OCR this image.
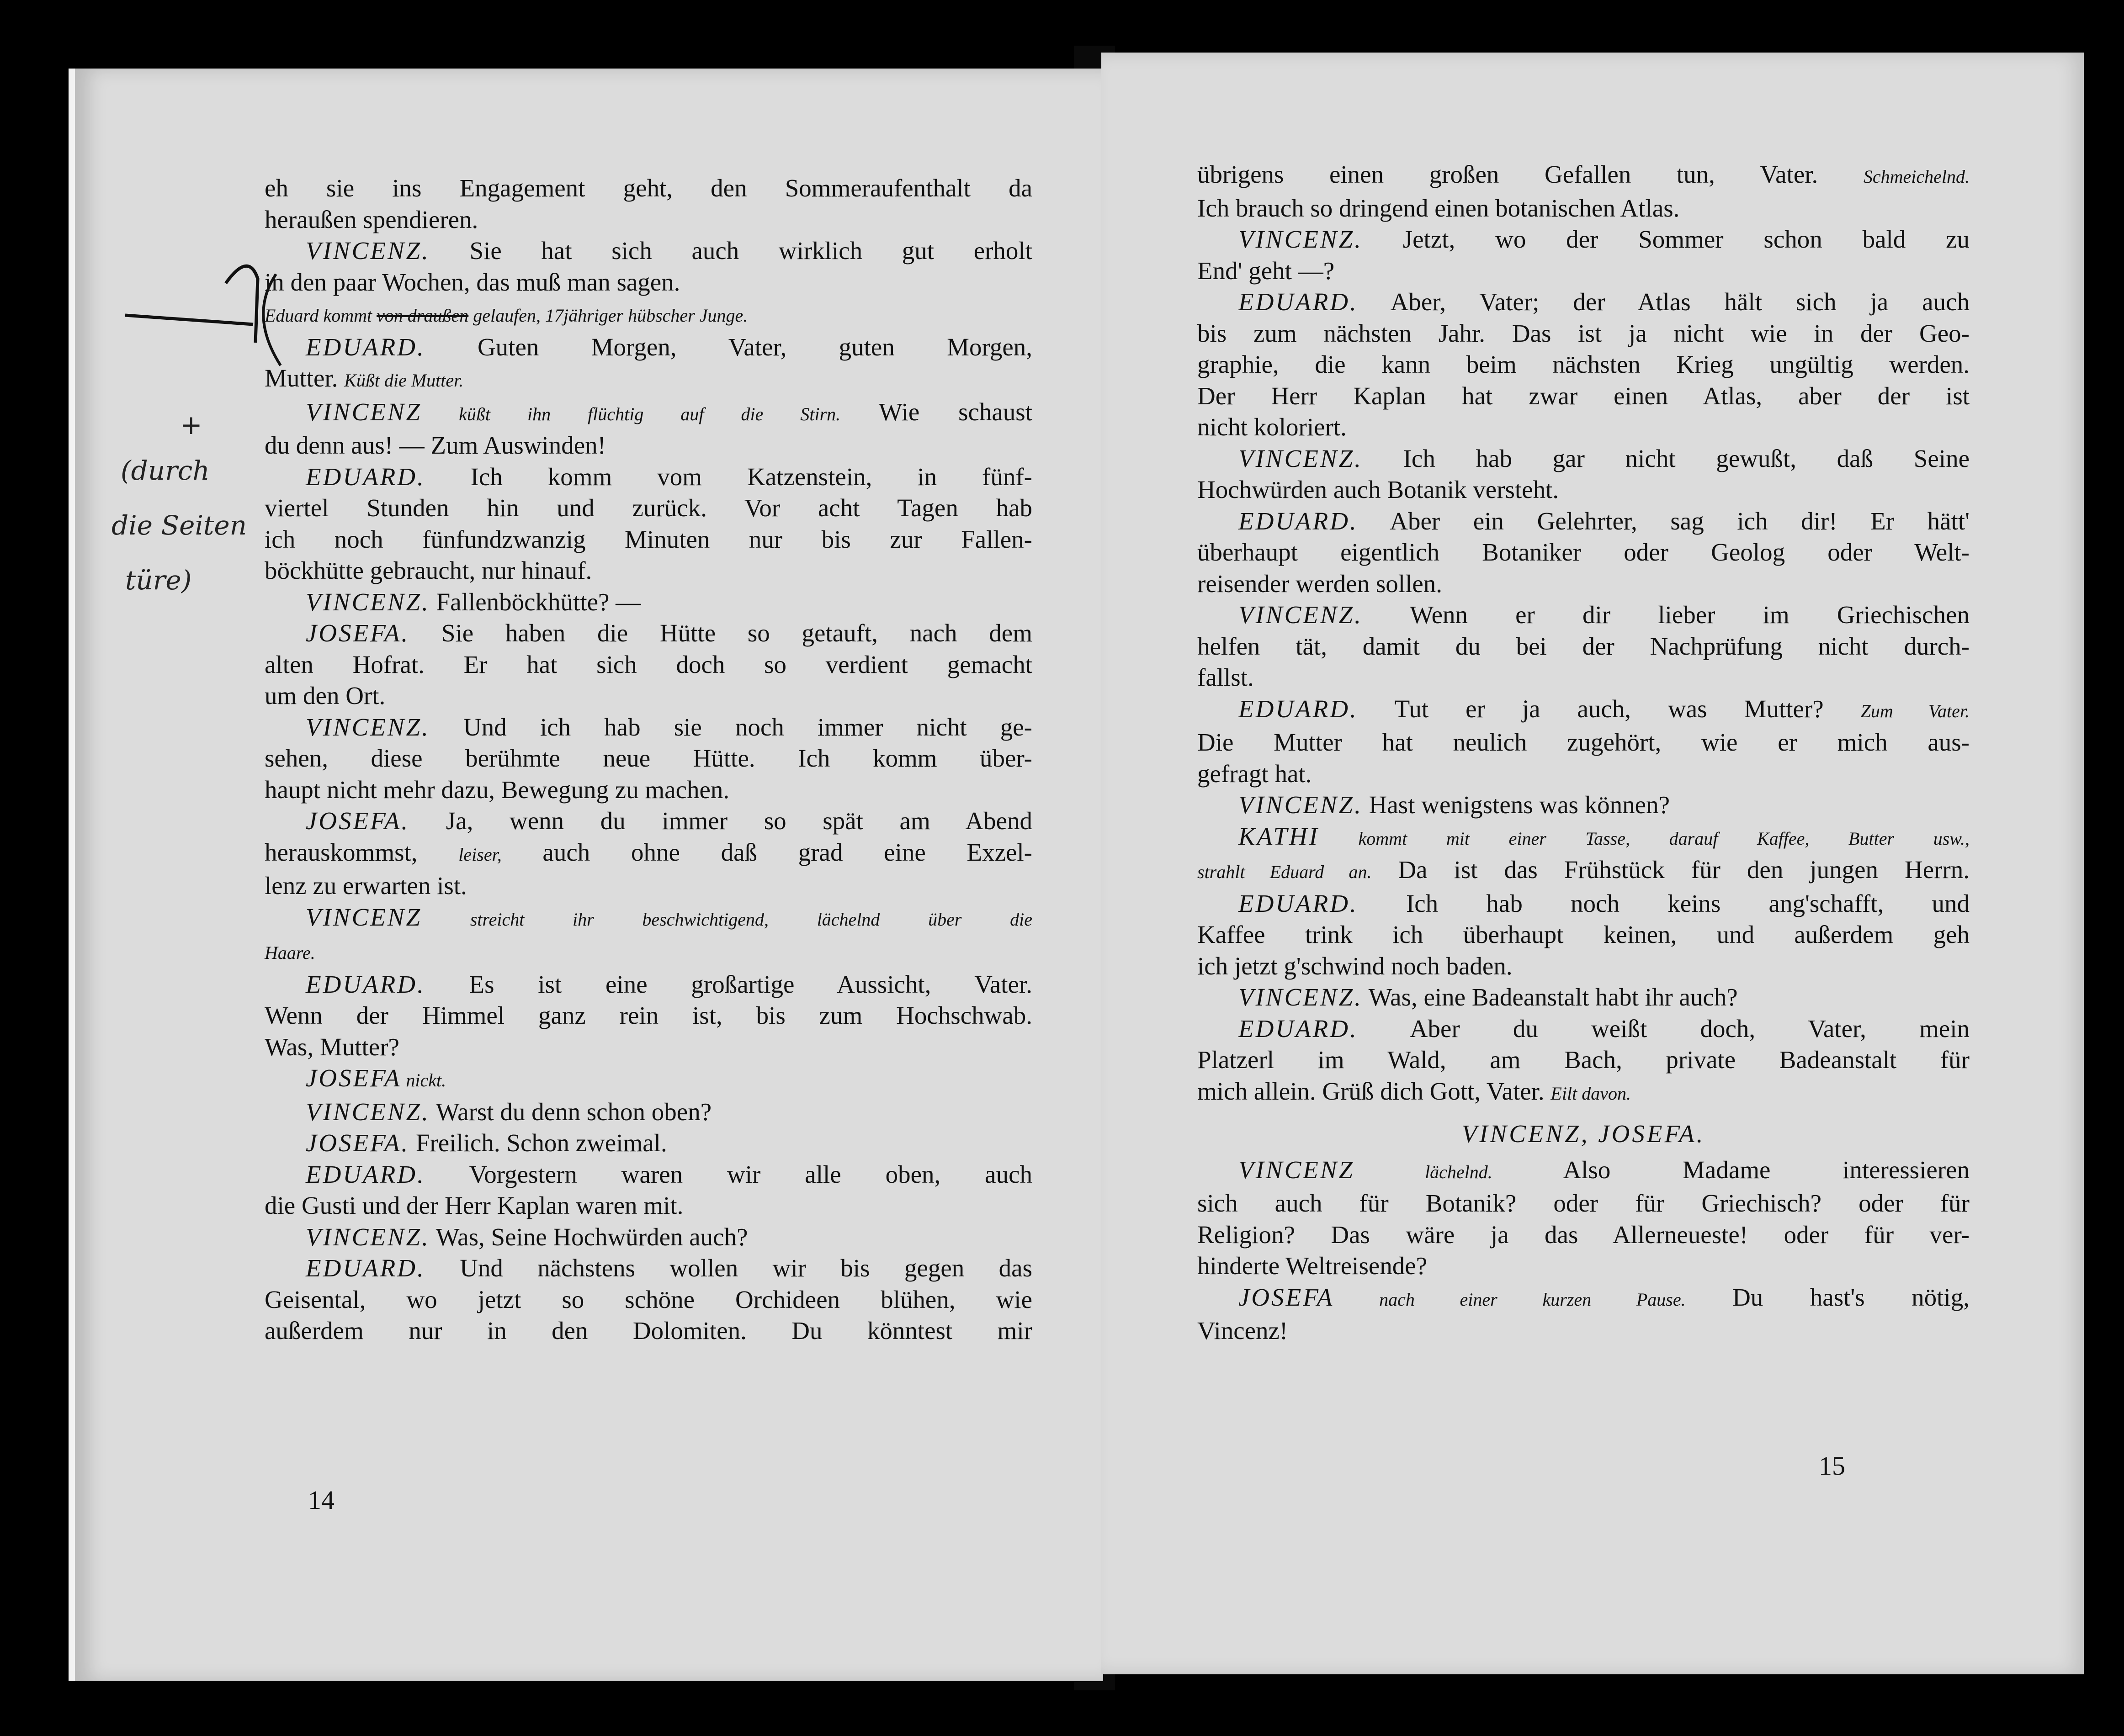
+
(durch
die Seiten
türe)
eh sie ins Engagement geht, den Sommeraufenthalt da
heraußen spendieren.
VINCENZ. Sie hat sich auch wirklich gut erholt
in den paar Wochen, das muß man sagen.
Eduard kommt von draußen gelaufen, 17jähriger hübscher Junge.
EDUARD. Guten Morgen, Vater, guten Morgen,
Mutter. Küßt die Mutter.
VINCENZ küßt ihn flüchtig auf die Stirn. Wie schaust
du denn aus! — Zum Auswinden!
EDUARD. Ich komm vom Katzenstein, in fünf-
viertel Stunden hin und zurück. Vor acht Tagen hab
ich noch fünfundzwanzig Minuten nur bis zur Fallen-
böckhütte gebraucht, nur hinauf.
VINCENZ. Fallenböckhütte? —
JOSEFA. Sie haben die Hütte so getauft, nach dem
alten Hofrat. Er hat sich doch so verdient gemacht
um den Ort.
VINCENZ. Und ich hab sie noch immer nicht ge-
sehen, diese berühmte neue Hütte. Ich komm über-
haupt nicht mehr dazu, Bewegung zu machen.
JOSEFA. Ja, wenn du immer so spät am Abend
herauskommst, leiser, auch ohne daß grad eine Exzel-
lenz zu erwarten ist.
VINCENZ streicht ihr beschwichtigend, lächelnd über die
Haare.
EDUARD. Es ist eine großartige Aussicht, Vater.
Wenn der Himmel ganz rein ist, bis zum Hochschwab.
Was, Mutter?
JOSEFA nickt.
VINCENZ. Warst du denn schon oben?
JOSEFA. Freilich. Schon zweimal.
EDUARD. Vorgestern waren wir alle oben, auch
die Gusti und der Herr Kaplan waren mit.
VINCENZ. Was, Seine Hochwürden auch?
EDUARD. Und nächstens wollen wir bis gegen das
Geisental, wo jetzt so schöne Orchideen blühen, wie
außerdem nur in den Dolomiten. Du könntest mir
14
übrigens einen großen Gefallen tun, Vater. Schmeichelnd.
Ich brauch so dringend einen botanischen Atlas.
VINCENZ. Jetzt, wo der Sommer schon bald zu
End' geht —?
EDUARD. Aber, Vater; der Atlas hält sich ja auch
bis zum nächsten Jahr. Das ist ja nicht wie in der Geo-
graphie, die kann beim nächsten Krieg ungültig werden.
Der Herr Kaplan hat zwar einen Atlas, aber der ist
nicht koloriert.
VINCENZ. Ich hab gar nicht gewußt, daß Seine
Hochwürden auch Botanik versteht.
EDUARD. Aber ein Gelehrter, sag ich dir! Er hätt'
überhaupt eigentlich Botaniker oder Geolog oder Welt-
reisender werden sollen.
VINCENZ. Wenn er dir lieber im Griechischen
helfen tät, damit du bei der Nachprüfung nicht durch-
fallst.
EDUARD. Tut er ja auch, was Mutter? Zum Vater.
Die Mutter hat neulich zugehört, wie er mich aus-
gefragt hat.
VINCENZ. Hast wenigstens was können?
KATHI kommt mit einer Tasse, darauf Kaffee, Butter usw.,
strahlt Eduard an. Da ist das Frühstück für den jungen Herrn.
EDUARD. Ich hab noch keins ang'schafft, und
Kaffee trink ich überhaupt keinen, und außerdem geh
ich jetzt g'schwind noch baden.
VINCENZ. Was, eine Badeanstalt habt ihr auch?
EDUARD. Aber du weißt doch, Vater, mein
Platzerl im Wald, am Bach, private Badeanstalt für
mich allein. Grüß dich Gott, Vater. Eilt davon.
VINCENZ, JOSEFA.
VINCENZ lächelnd. Also Madame interessieren
sich auch für Botanik? oder für Griechisch? oder für
Religion? Das wäre ja das Allerneueste! oder für ver-
hinderte Weltreisende?
JOSEFA nach einer kurzen Pause. Du hast's nötig,
Vincenz!
15
